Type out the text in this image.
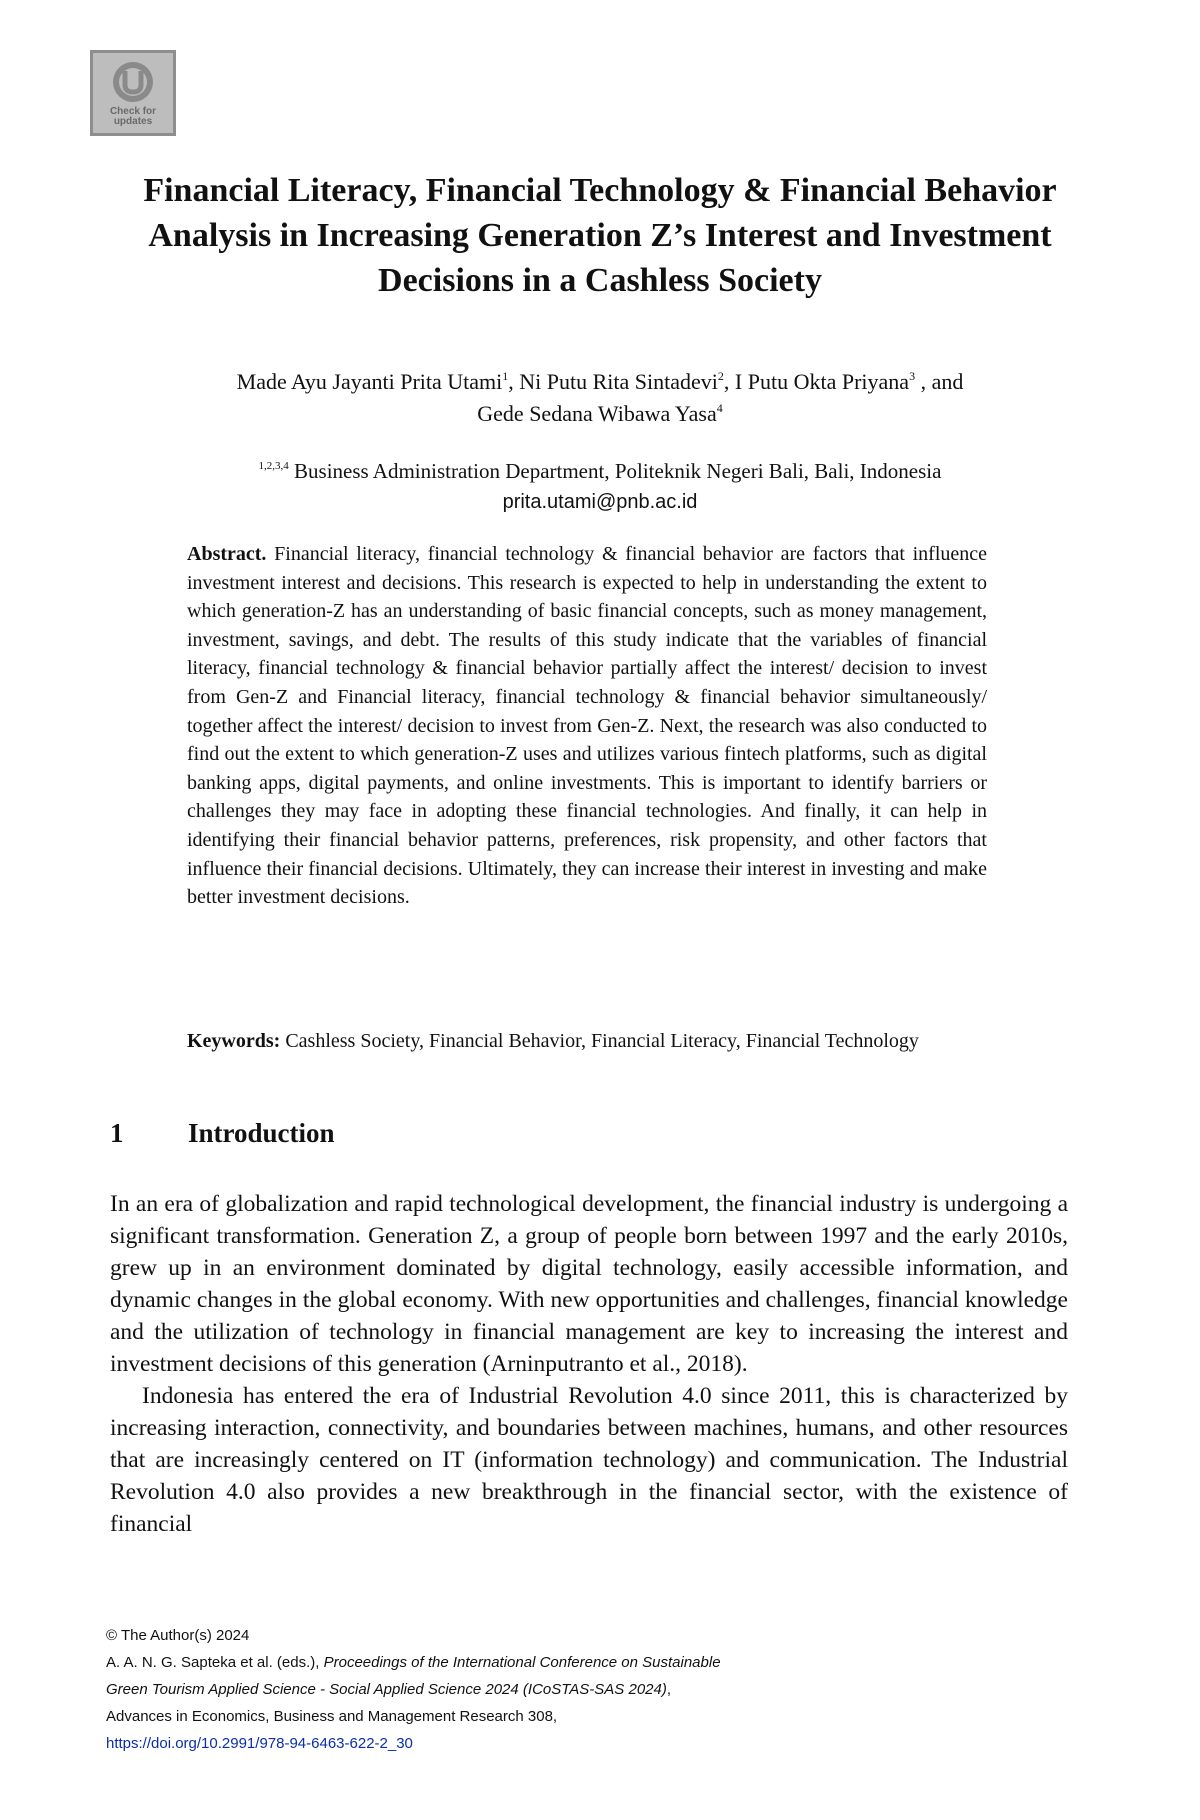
Check for
updates
Financial Literacy, Financial Technology & Financial Behavior Analysis in Increasing Generation Z’s Interest and Investment Decisions in a Cashless Society
Made Ayu Jayanti Prita Utami$^1$, Ni Putu Rita Sintadevi$^2$, I Putu Okta Priyana$^3$ , and
Gede Sedana Wibawa Yasa$^4$
$^{1,2,3,4}$ Business Administration Department, Politeknik Negeri Bali, Bali, Indonesia
prita.utami@pnb.ac.id
Abstract. Financial literacy, financial technology & financial behavior are factors that influence investment interest and decisions. This research is expected to help in understanding the extent to which generation-Z has an understanding of basic financial concepts, such as money management, investment, savings, and debt. The results of this study indicate that the variables of financial literacy, financial technology & financial behavior partially affect the interest/ decision to invest from Gen-Z and Financial literacy, financial technology & financial behavior simultaneously/ together affect the interest/ decision to invest from Gen-Z. Next, the research was also conducted to find out the extent to which generation-Z uses and utilizes various fintech platforms, such as digital banking apps, digital payments, and online investments. This is important to identify barriers or challenges they may face in adopting these financial technologies. And finally, it can help in identifying their financial behavior patterns, preferences, risk propensity, and other factors that influence their financial decisions. Ultimately, they can increase their interest in investing and make better investment decisions.
Keywords: Cashless Society, Financial Behavior, Financial Literacy, Financial Technology
1 Introduction

In an era of globalization and rapid technological development, the financial industry is undergoing a significant transformation. Generation Z, a group of people born between 1997 and the early 2010s, grew up in an environment dominated by digital technology, easily accessible information, and dynamic changes in the global economy. With new opportunities and challenges, financial knowledge and the utilization of technology in financial management are key to increasing the interest and investment decisions of this generation (Arninputranto et al., 2018).

Indonesia has entered the era of Industrial Revolution 4.0 since 2011, this is characterized by increasing interaction, connectivity, and boundaries between machines, humans, and other resources that are increasingly centered on IT (information technology) and communication. The Industrial Revolution 4.0 also provides a new breakthrough in the financial sector, with the existence of financial

© The Author(s) 2024
A. A. N. G. Sapteka et al. (eds.), Proceedings of the International Conference on Sustainable
Green Tourism Applied Science - Social Applied Science 2024 (ICoSTAS-SAS 2024),
Advances in Economics, Business and Management Research 308,
https://doi.org/10.2991/978-94-6463-622-2_30
